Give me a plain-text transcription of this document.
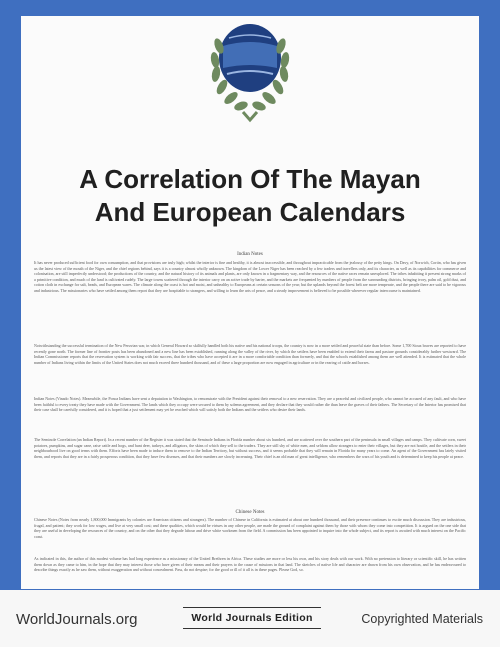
A Correlation Of The Mayan
And European Calendars
Indian Notes

It has never produced sufficient food for own consumption, and that provisions are truly high; whilst the interior is fine and healthy, it is almost inaccessible, and throughout impracticable from the jealousy of the petty kings. On Davy, of Norwich, Cortin, who has given us the latest view of the mouth of the Niger, and the chief regions behind, says it is a country almost wholly unknown. The kingdom of the Lower Niger has been reached by a few traders and travellers only, and its character, as well as its capabilities for commerce and colonisation, are still imperfectly understood; the productions of the country, and the natural history of its animals and plants, are only known in a fragmentary way, and the resources of the native races remain unexplored. The tribes inhabiting it present strong marks of a primitive condition, and much of the land is cultivated rudely. The large towns scattered through the interior carry on an active trade by barter, and the markets are frequented by numbers of people from the surrounding districts, bringing ivory, palm oil, gold dust, and cotton cloth in exchange for salt, beads, and European wares. The climate along the coast is hot and moist, and unhealthy to Europeans at certain seasons of the year; but the uplands beyond the forest belt are more temperate, and the people there are said to be vigorous and industrious. The missionaries who have settled among them report that they are hospitable to strangers, and willing to learn the arts of peace, and a steady improvement is believed to be possible wherever regular intercourse is maintained.

Notwithstanding the successful termination of the New Peruvian war, in which General Howard so skilfully handled both his native and his national troops, the country is now in a more settled and peaceful state than before. Some 1,700 Sioux braves are reported to have recently gone north. The former line of frontier posts has been abandoned and a new line has been established, running along the valley of the river, by which the settlers have been enabled to extend their farms and pasture grounds considerably farther westward. The Indian Commissioner reports that the reservation system is working with fair success, that the tribes who have accepted it are in a more comfortable condition than formerly, and that the schools established among them are well attended. It is estimated that the whole number of Indians living within the limits of the United States does not much exceed three hundred thousand, and of these a large proportion are now engaged in agriculture or in the rearing of cattle and horses.

Indian Notes (Vinado Notes). Meanwhile, the Ponca Indians have sent a deputation to Washington, to remonstrate with the President against their removal to a new reservation. They are a peaceful and civilized people, who cannot be accused of any fault, and who have been faithful to every treaty they have made with the Government. The lands which they occupy were secured to them by solemn agreement, and they declare that they would rather die than leave the graves of their fathers. The Secretary of the Interior has promised that their case shall be carefully considered, and it is hoped that a just settlement may yet be reached which will satisfy both the Indians and the settlers who desire their lands.

The Seminole Correlation (an Indian Report). In a recent number of the Register it was stated that the Seminole Indians in Florida number about six hundred, and are scattered over the southern part of the peninsula in small villages and camps. They cultivate corn, sweet potatoes, pumpkins, and sugar cane, raise cattle and hogs, and hunt deer, turkeys, and alligators, the skins of which they sell to the traders. They are still shy of white men, and seldom allow strangers to enter their villages, but they are not hostile, and the settlers in their neighbourhood live on good terms with them. Efforts have been made to induce them to remove to the Indian Territory, but without success, and it seems probable that they will remain in Florida for many years to come. An agent of the Government has lately visited them, and reports that they are in a fairly prosperous condition, that they have few diseases, and that their numbers are slowly increasing. Their chief is an old man of great intelligence, who remembers the wars of his youth and is determined to keep his people at peace.

Chinese Notes

Chinese Notes (Notes from nearly 1,800,000 Immigrants by colonies are American citizens and strangers). The number of Chinese in California is estimated at about one hundred thousand, and their presence continues to excite much discussion. They are industrious, frugal, and patient; they work for low wages, and live at very small cost; and these qualities, which would be virtues in any other people, are made the ground of complaint against them by those with whom they come into competition. It is argued on the one side that they are useful in developing the resources of the country, and on the other that they degrade labour and drive white workmen from the field. A commission has been appointed to inquire into the whole subject, and its report is awaited with much interest on the Pacific coast.

As indicated in this, the author of this modest volume has had long experience as a missionary of the United Brethren in Africa. These studies are more or less his own, and his story deals with our work. With no pretension to literary or scientific skill, he has written them down as they came to him, in the hope that they may interest those who have given of their means and their prayers to the cause of missions in that land. The sketches of native life and character are drawn from his own observation, and he has endeavoured to describe things exactly as he saw them, without exaggeration and without concealment. Pass, do not despise; for the good or ill of it all is in these pages. Please God, so.

WorldJournals.org	World Journals Edition	Copyrighted Materials
